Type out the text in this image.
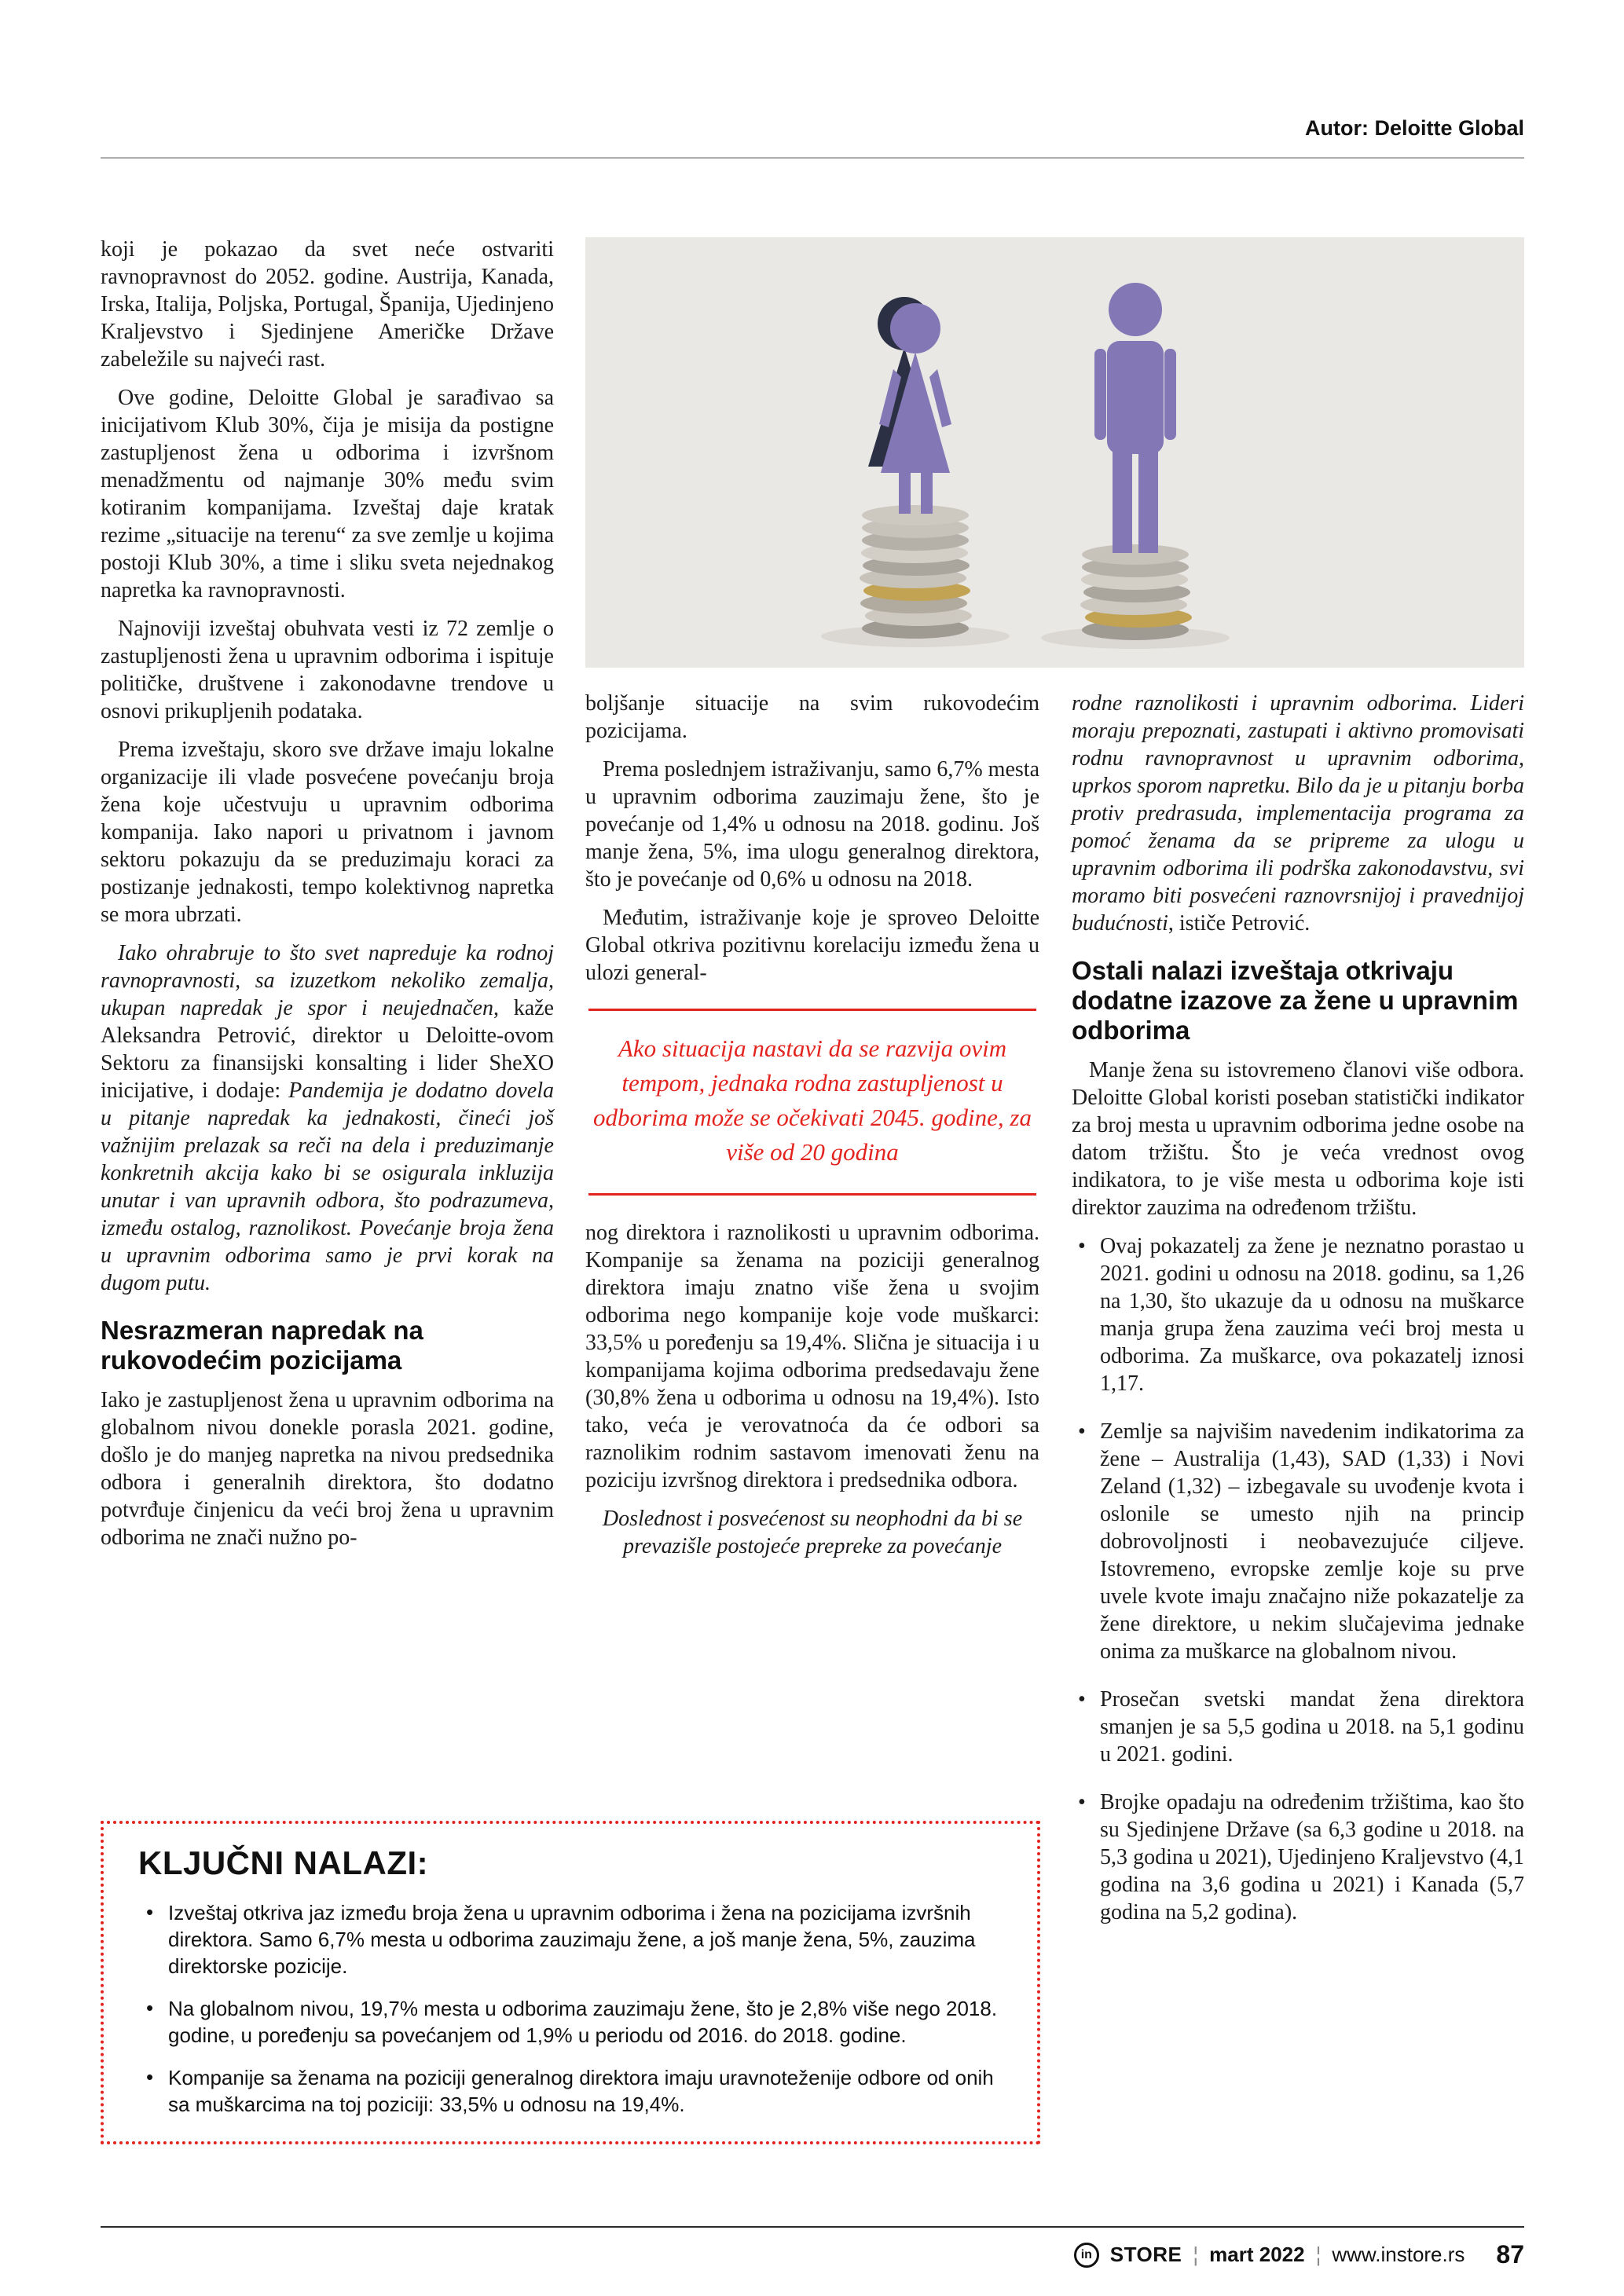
Autor: Deloitte Global

koji je pokazao da svet neće ostvariti ravnopravnost do 2052. godine. Austrija, Kanada, Irska, Italija, Poljska, Portugal, Španija, Ujedinjeno Kraljevstvo i Sjedinjene Američke Države zabeležile su najveći rast.

Ove godine, Deloitte Global je sarađivao sa inicijativom Klub 30%, čija je misija da postigne zastupljenost žena u odborima i izvršnom menadžmentu od najmanje 30% među svim kotiranim kompanijama. Izveštaj daje kratak rezime „situacije na terenu“ za sve zemlje u kojima postoji Klub 30%, a time i sliku sveta nejednakog napretka ka ravnopravnosti.

Najnoviji izveštaj obuhvata vesti iz 72 zemlje o zastupljenosti žena u upravnim odborima i ispituje političke, društvene i zakonodavne trendove u osnovi prikupljenih podataka.

Prema izveštaju, skoro sve države imaju lokalne organizacije ili vlade posvećene povećanju broja žena koje učestvuju u upravnim odborima kompanija. Iako napori u privatnom i javnom sektoru pokazuju da se preduzimaju koraci za postizanje jednakosti, tempo kolektivnog napretka se mora ubrzati.

Iako ohrabruje to što svet napreduje ka rodnoj ravnopravnosti, sa izuzetkom nekoliko zemalja, ukupan napredak je spor i neujednačen, kaže Aleksandra Petrović, direktor u Deloitte-ovom Sektoru za finansijski konsalting i lider SheXO inicijative, i dodaje: Pandemija je dodatno dovela u pitanje napredak ka jednakosti, čineći još važnijim prelazak sa reči na dela i preduzimanje konkretnih akcija kako bi se osigurala inkluzija unutar i van upravnih odbora, što podrazumeva, između ostalog, raznolikost. Povećanje broja žena u upravnim odborima samo je prvi korak na dugom putu.

Nesrazmeran napredak na rukovodećim pozicijama

Iako je zastupljenost žena u upravnim odborima na globalnom nivou donekle porasla 2021. godine, došlo je do manjeg napretka na nivou predsednika odbora i generalnih direktora, što dodatno potvrđuje činjenicu da veći broj žena u upravnim odborima ne znači nužno po-

boljšanje situacije na svim rukovodećim pozicijama.

Prema poslednjem istraživanju, samo 6,7% mesta u upravnim odborima zauzimaju žene, što je povećanje od 1,4% u odnosu na 2018. godinu. Još manje žena, 5%, ima ulogu generalnog direktora, što je povećanje od 0,6% u odnosu na 2018.

Međutim, istraživanje koje je sproveo Deloitte Global otkriva pozitivnu korelaciju između žena u ulozi general-

Ako situacija nastavi da se razvija ovim tempom, jednaka rodna zastupljenost u odborima može se očekivati 2045. godine, za više od 20 godina

nog direktora i raznolikosti u upravnim odborima. Kompanije sa ženama na poziciji generalnog direktora imaju znatno više žena u svojim odborima nego kompanije koje vode muškarci: 33,5% u poređenju sa 19,4%. Slična je situacija i u kompanijama kojima odborima predsedavaju žene (30,8% žena u odborima u odnosu na 19,4%). Isto tako, veća je verovatnoća da će odbori sa raznolikim rodnim sastavom imenovati ženu na poziciju izvršnog direktora i predsednika odbora.

Doslednost i posvećenost su neophodni da bi se prevazišle postojeće prepreke za povećanje

rodne raznolikosti i upravnim odborima. Lideri moraju prepoznati, zastupati i aktivno promovisati rodnu ravnopravnost u upravnim odborima, uprkos sporom napretku. Bilo da je u pitanju borba protiv predrasuda, implementacija programa za pomoć ženama da se pripreme za ulogu u upravnim odborima ili podrška zakonodavstvu, svi moramo biti posvećeni raznovrsnijoj i pravednijoj budućnosti, ističe Petrović.

Ostali nalazi izveštaja otkrivaju dodatne izazove za žene u upravnim odborima

Manje žena su istovremeno članovi više odbora. Deloitte Global koristi poseban statistički indikator za broj mesta u upravnim odborima jedne osobe na datom tržištu. Što je veća vrednost ovog indikatora, to je više mesta u odborima koje isti direktor zauzima na određenom tržištu.

• Ovaj pokazatelj za žene je neznatno porastao u 2021. godini u odnosu na 2018. godinu, sa 1,26 na 1,30, što ukazuje da u odnosu na muškarce manja grupa žena zauzima veći broj mesta u odborima. Za muškarce, ova pokazatelj iznosi 1,17.
• Zemlje sa najvišim navedenim indikatorima za žene – Australija (1,43), SAD (1,33) i Novi Zeland (1,32) – izbegavale su uvođenje kvota i oslonile se umesto njih na princip dobrovoljnosti i neobavezujuće ciljeve. Istovremeno, evropske zemlje koje su prve uvele kvote imaju značajno niže pokazatelje za žene direktore, u nekim slučajevima jednake onima za muškarce na globalnom nivou.
• Prosečan svetski mandat žena direktora smanjen je sa 5,5 godina u 2018. na 5,1 godinu u 2021. godini.
• Brojke opadaju na određenim tržištima, kao što su Sjedinjene Države (sa 6,3 godine u 2018. na 5,3 godina u 2021), Ujedinjeno Kraljevstvo (4,1 godina na 3,6 godina u 2021) i Kanada (5,7 godina na 5,2 godina).
KLJUČNI NALAZI:
• Izveštaj otkriva jaz između broja žena u upravnim odborima i žena na pozicijama izvršnih direktora. Samo 6,7% mesta u odborima zauzimaju žene, a još manje žena, 5%, zauzima direktorske pozicije.
• Na globalnom nivou, 19,7% mesta u odborima zauzimaju žene, što je 2,8% više nego 2018. godine, u poređenju sa povećanjem od 1,9% u periodu od 2016. do 2018. godine.
• Kompanije sa ženama na poziciji generalnog direktora imaju uravnoteženije odbore od onih sa muškarcima na toj poziciji: 33,5% u odnosu na 19,4%.
in STORE ¦ mart 2022 ¦ www.instore.rs 87
